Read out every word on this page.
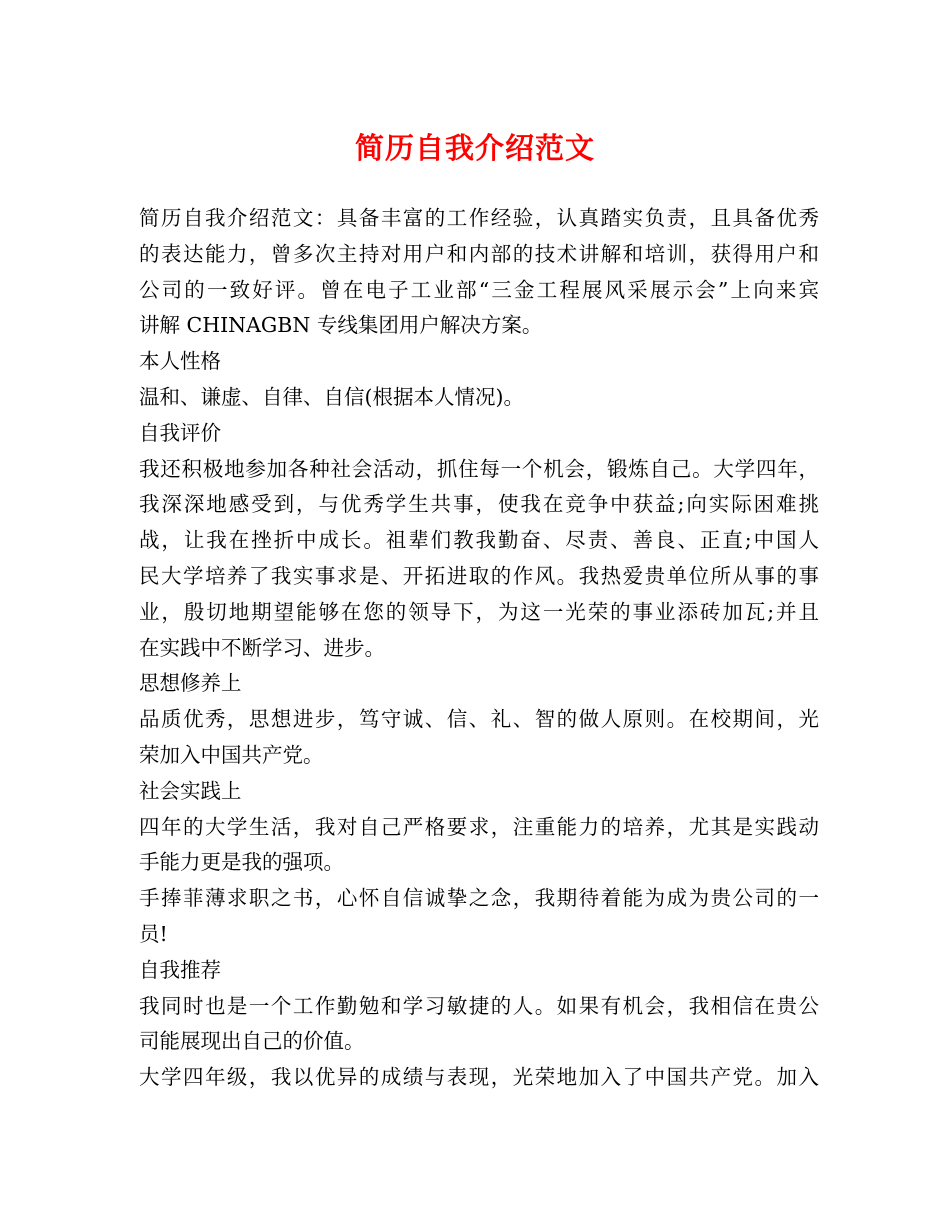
简历自我介绍范文
简历自我介绍范文：具备丰富的工作经验，认真踏实负责，且具备优秀
的表达能力，曾多次主持对用户和内部的技术讲解和培训，获得用户和
公司的一致好评。曾在电子工业部“三金工程展风采展示会”上向来宾
讲解 CHINAGBN 专线集团用户解决方案。
本人性格
温和、谦虚、自律、自信(根据本人情况)。
自我评价
我还积极地参加各种社会活动，抓住每一个机会，锻炼自己。大学四年，
我深深地感受到，与优秀学生共事，使我在竞争中获益;向实际困难挑
战，让我在挫折中成长。祖辈们教我勤奋、尽责、善良、正直;中国人
民大学培养了我实事求是、开拓进取的作风。我热爱贵单位所从事的事
业，殷切地期望能够在您的领导下，为这一光荣的事业添砖加瓦;并且
在实践中不断学习、进步。
思想修养上
品质优秀，思想进步，笃守诚、信、礼、智的做人原则。在校期间，光
荣加入中国共产党。
社会实践上
四年的大学生活，我对自己严格要求，注重能力的培养，尤其是实践动
手能力更是我的强项。
手捧菲薄求职之书，心怀自信诚挚之念，我期待着能为成为贵公司的一
员!
自我推荐
我同时也是一个工作勤勉和学习敏捷的人。如果有机会，我相信在贵公
司能展现出自己的价值。
大学四年级，我以优异的成绩与表现，光荣地加入了中国共产党。加入
